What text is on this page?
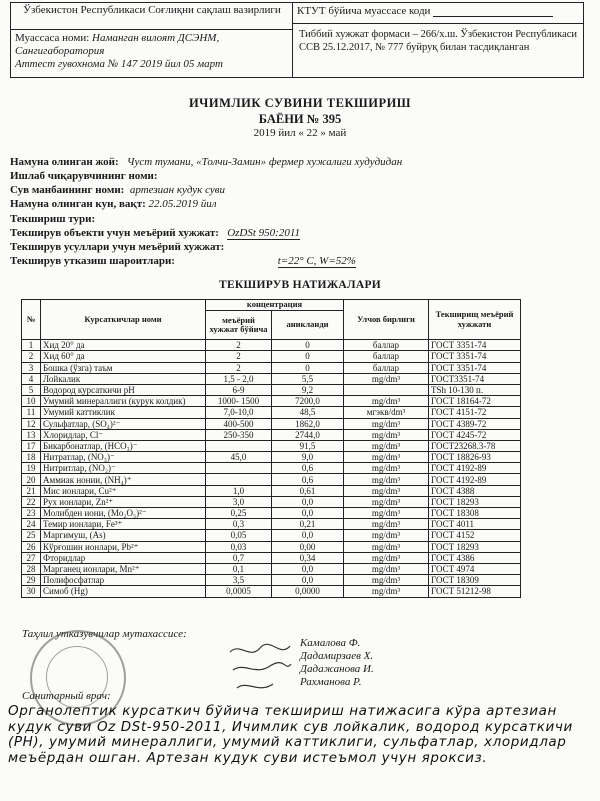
Ўзбекистон Республикаси Соғлиқни сақлаш вазирлиги
Муассаса номи: Наманган вилоят ДСЭНМ, Сангигаборатория
Аттест гувохнома № 147 2019 йил 05 март
КТУТ бўйича муассасе коди
Тиббий хужжат формаси – 266/х.ш. Ўзбекистон Республикаси ССВ 25.12.2017, № 777 буйруқ билан тасдиқланган
ИЧИМЛИК СУВИНИ ТЕКШИРИШ
БАЁНИ № 395
2019 йил « 22 » май
Намуна олинган жой: Чуст тумани, «Толчи-Замин» фермер хужалиги худудидан
Ишлаб чиқарувчининг номи:
Сув манбаининг номи: артезиан кудук суви
Намуна олинган кун, вақт: 22.05.2019 йил
Текшириш тури:
Текширув объекти учун меъёрий хужжат: OzDSt 950:2011
Текширув усуллари учун меъёрий хужжат:
Текширув утказиш шароитлари:	t=22° C, W=52%
ТЕКШИРУВ НАТИЖАЛАРИ
№	Курсаткичлар номи	концентрация		Улчов бирлиги	Текширищ меъёрий хужжати
		меъёрий хужжат бўйича	аникланди		
1	Хид 20° да	2	0	баллар	ГОСТ 3351-74
2	Хид 60° да	2	0	баллар	ГОСТ 3351-74
3	Бошка (ўзга) таъм	2	0	баллар	ГОСТ 3351-74
4	Лойкалик	1,5 - 2,0	5,5	mg/dm³	ГОСТ3351-74
5	Водород курсаткичи pH	6-9	9,2		TSh 10-130 п.
10	Умумий минераллиги (курук колдик)	1000- 1500	7200,0	mg/dm³	ГОСТ 18164-72
11	Умумий каттиклик	7,0-10,0	48,5	мгэкв/dm³	ГОСТ 4151-72
12	Сульфатлар, (SO₄)²⁻	400-500	1862,0	mg/dm³	ГОСТ 4389-72
13	Хлоридлар, Cl⁻	250-350	2744,0	mg/dm³	ГОСТ 4245-72
17	Бикарбонатлар, (HCO₃)⁻		91,5	mg/dm³	ГОСТ23268.3-78
18	Нитратлар, (NO₃)⁻	45,0	9,0	mg/dm³	ГОСТ 18826-93
19	Нитритлар, (NO₂)⁻		0,6	mg/dm³	ГОСТ 4192-89
20	Аммиак нонии, (NH₄)⁺		0,6	mg/dm³	ГОСТ 4192-89
21	Мис ионлари, Cu²⁺	1,0	0,61	mg/dm³	ГОСТ 4388
22	Рух ионлари, Zn²⁺	3,0	0,0	mg/dm³	ГОСТ 18293
23	Молибден иони, (Mo₂O₅)²⁻	0,25	0,0	mg/dm³	ГОСТ 18308
24	Темир ионлари, Fe³⁺	0,3	0,21	mg/dm³	ГОСТ 4011
25	Маргимуш, (As)	0,05	0,0	mg/dm³	ГОСТ 4152
26	Кўрғошин ионлари, Pb²⁺	0,03	0,00	mg/dm³	ГОСТ 18293
27	Фторидлар	0,7	0,34	mg/dm³	ГОСТ 4386
28	Марганец ионлари, Mn²⁺	0,1	0,0	mg/dm³	ГОСТ 4974
29	Полифосфатлар	3,5	0,0	mg/dm³	ГОСТ 18309
30	Симоб (Hg)	0,0005	0,0000	mg/dm³	ГОСТ 51212-98
Таҳлил утказувчилар мутахассисе:
Камалова Ф.
Дадамирзаев Х.
Дадажанова И.
Рахманова Р.
Санитарный врач:
Органолептик курсаткич бўйича текшириш натижасига кўра артезиан кудук суви Oz DSt-950-2011, Ичимлик сув лойкалик, водород курсаткичи (PH), умумий минераллиги, умумий каттиклиги, сульфатлар, хлоридлар меъёрдан ошган. Артезан кудук суви истеъмол учун яроксиз.
